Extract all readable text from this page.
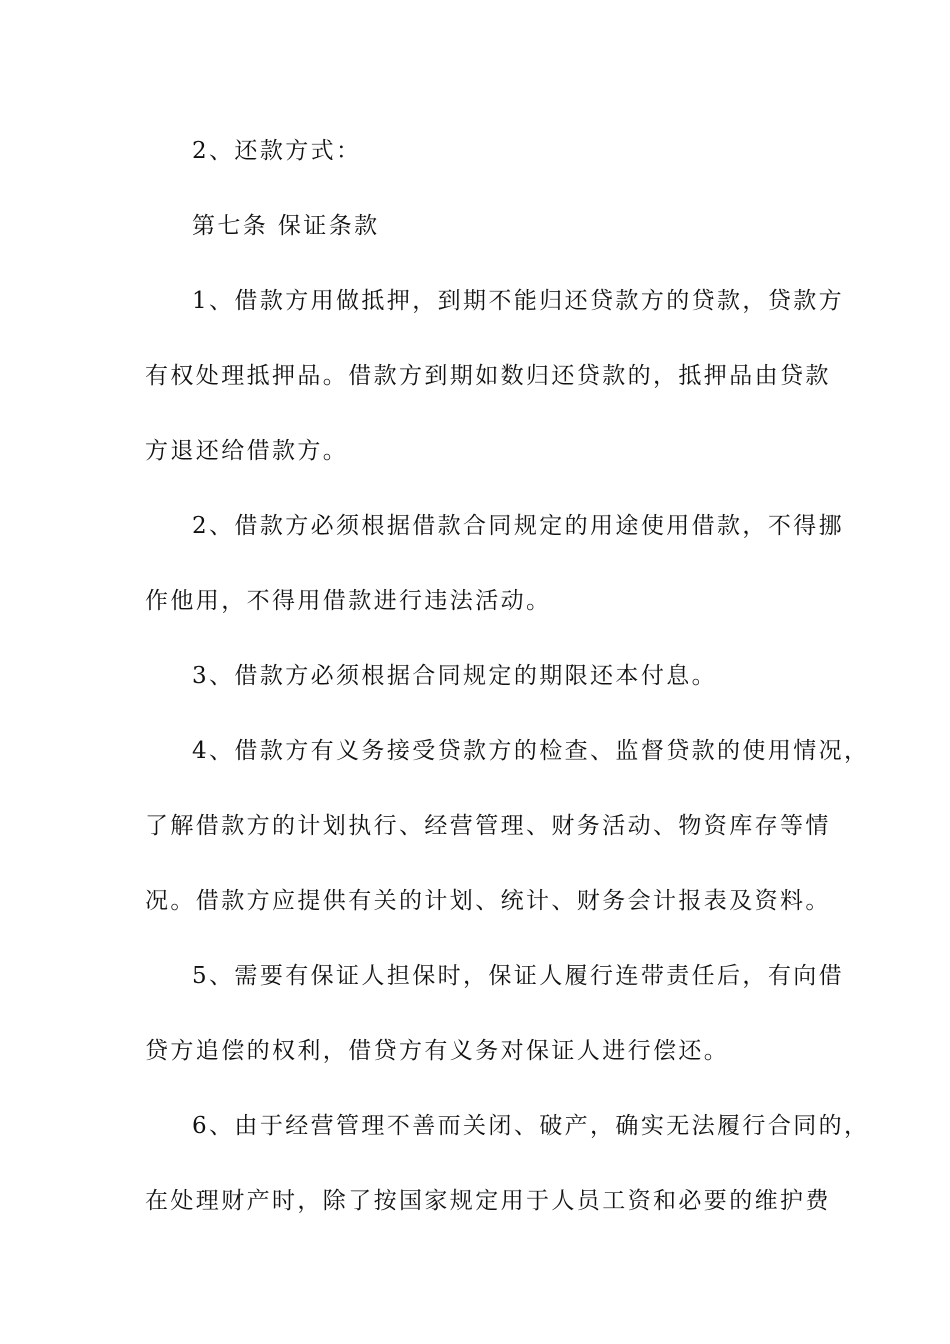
2、还款方式：
第七条 保证条款
1、借款方用做抵押，到期不能归还贷款方的贷款，贷款方
有权处理抵押品。借款方到期如数归还贷款的，抵押品由贷款
方退还给借款方。
2、借款方必须根据借款合同规定的用途使用借款，不得挪
作他用，不得用借款进行违法活动。
3、借款方必须根据合同规定的期限还本付息。
4、借款方有义务接受贷款方的检查、监督贷款的使用情况，
了解借款方的计划执行、经营管理、财务活动、物资库存等情
况。借款方应提供有关的计划、统计、财务会计报表及资料。
5、需要有保证人担保时，保证人履行连带责任后，有向借
贷方追偿的权利，借贷方有义务对保证人进行偿还。
6、由于经营管理不善而关闭、破产，确实无法履行合同的，
在处理财产时，除了按国家规定用于人员工资和必要的维护费
